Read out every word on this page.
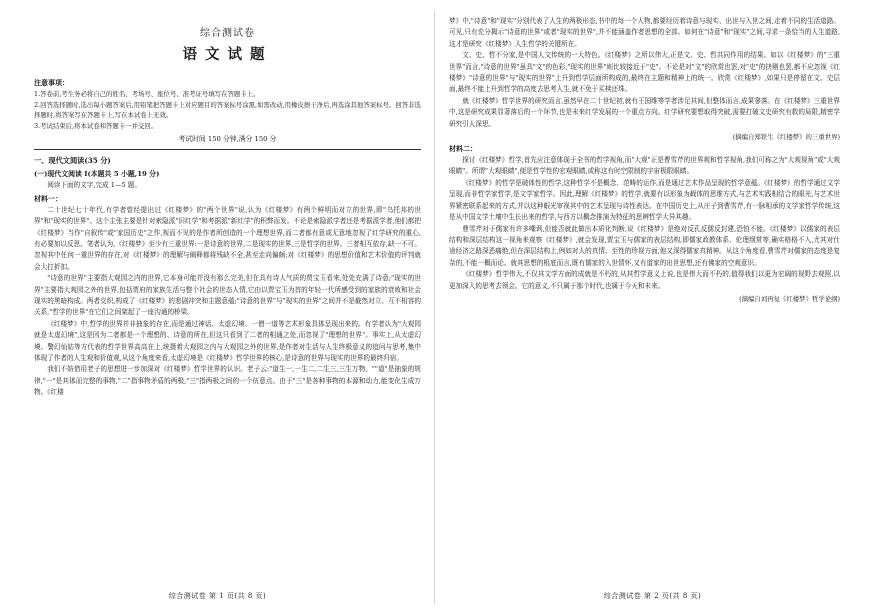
综合测试卷
语文试题
注意事项：

1.答卷前,考生务必将自己的姓名、考场号、座位号、准考证号填写在答题卡上。

2.回答选择题时,选出每小题答案后,用铅笔把答题卡上对应题目的答案标号涂黑,如需改动,用橡皮擦干净后,再选涂其他答案标号。回答非选择题时,将答案写在答题卡上,写在本试卷上无效。

3.考试结束后,将本试卷和答题卡一并交回。

考试时间 150 分钟,满分 150 分
一、现代文阅读(35 分)
(一)现代文阅读 I(本题共 5 小题,19 分)

阅读下面的文字,完成 1—5 题。

材料一：

二十世纪七十年代,有学者曾经提出过《红楼梦》的"两个世界"说,认为《红楼梦》有两个鲜明而对立的世界,即"乌托邦的世界"和"现实的世界"。这个主张主要是针对索隐派"旧红学"和考据派"新红学"的积弊而发。不论是索隐派学者还是考据派学者,他们都把《红楼梦》当作"自叙传"或"家国历史"之作,视而不见的是作者所创造的一个理想世界,而二者都有意或无意地忽视了红学研究的重心,有必要加以反思。笔者认为,《红楼梦》至少有三重世界:一是诗意的世界,二是现实的世界,三是哲学的世界。三者相互依存,缺一不可。忽视其中任何一重世界的存在,对《红楼梦》的理解与阐释都将残缺不全,甚至走向偏颇;对《红楼梦》的思想价值和艺术价值的评判就会大打折扣。

"诗意的世界"主要指大观园之内的世界,它本身可能并没有那么完美,但在具有诗人气质的贾宝玉看来,处处充满了诗意;"现实的世界"主要指大观园之外的世界,包括贾府的家族生活与整个社会的世态人情,它由以贾宝玉为首的年轻一代所感受到的家族的衰败和社会现实的黑暗构成。两者交织,构成了《红楼梦》的悲剧冲突和主题意蕴;"诗意的世界"与"现实的世界"之间并不是截然对立、互不相容的关系,"哲学的世界"在它们之间架起了一座沟通的桥梁。

《红楼梦》中,哲学的世界并非抽象的存在,而是通过神话、太虚幻境、一僧一道等艺术形象具体呈现出来的。有学者认为"大观园就是太虚幻境",这是因为二者都是一个理想的、诗意的所在,但这只看到了二者的相通之处,而忽视了"理想的世界"。事实上,从太虚幻境、警幻仙姑等方代表的哲学世界高高在上,统摄着大观园之内与大观园之外的世界,是作者对生活与人生终极意义的追问与思考,集中体现了作者的人生观和价值观,从这个角度来看,太虚幻境是《红楼梦》哲学世界的核心,是诗意的世界与现实的世界的最终归宿。

我们不妨借用老子的思想进一步加深对《红楼梦》哲学世界的认识。老子云:"道生一,一生二,二生三,三生万物。""道"是抽象的规律,"一"是其体而完整的事物,"二"指事物矛盾的两极,"三"指两极之间的一个伍意点。由于"三"是各种事物的本源和动力,能变化生成万物。《红楼

综合测试卷 第 1 页(共 8 页)

梦》中,"诗意"和"现实"分别代表了人生的两极形态,书中的每一个人物,都要经历着诗意与现实、出世与入世之间,走着不同的生活道路。可见,只有充分揭示"诗意的世界"或者"现实的世界",并不能涵盖作者思想的全部。如何在"诗意"和"现实"之间,寻求一条恰当的人生道路,这才是研究《红楼梦》人生哲学的关键所在。

文、史、哲不分家,是中国人文传统的一大特色。《红楼梦》之所以伟大,正是文、史、哲共同作用的结果。如以《红楼梦》的"三重世界"而言,"诗意的世界"虽具"文"的色彩,"现实的世界"则比较接近于"史"。不论是对"文"的欣赏也罢,对"史"的抉剔也罢,都不应忽视《红楼梦》"诗意的世界"与"现实的世界"上升到哲学层面所构成的,最终在主题和精神上的统一。欣赏《红楼梦》,如果只是停留在文、史层面,最终不能上升到哲学的高度去思考人生,就不免于买椟还珠。

就《红楼梦》哲学世界的研究而言,虽然早在二十世纪初,就有王国维等学者涉足其间,但整体而言,成果寥落。在《红楼梦》三重世界中,这是研究成果显著落后的一个环节,也是未来红学发展的一个重点方向。红学研究要想取得突破,需要打破文史研究有救的局限,精密学研究引人深思。

(摘编自郑铁生《红楼梦》的三重世界)
材料二：

探讨《红楼梦》哲学,首先应注意体现于全书的哲学视角,而"大观"正是曹雪芹的世界观和哲学视角,我们可称之为"大观视角"或"大观眼睛"。所谓"大观眼睛",便是哲学性的宏观眼睛,或称这有时空限制的宇宙极限眼睛。

《红楼梦》的哲学是破体性的哲学,这种哲学不是概念、范畴的运作,而是通过艺术作品呈现的哲学意蕴。《红楼梦》的哲学通过文学呈现,而非哲学家哲学,是文学家哲学。因此,理解《红楼梦》的哲学,就要有以形象为载体的思维方式,与艺术实践相结合的眼光,与艺术世界紧密联系起来的方式,并以这种眼光审视其中的艺术呈现与诗性表达。在中国历史上,从庄子到曹雪芹,有一脉相承的文学家哲学传统,这是从中国文学土壤中生长出来的哲学,与西方以概念推演为特征的思辨哲学大异其趣。

曹雪芹对于儒家有许多嘲讽,但能否就此做出本质化判断,说《红楼梦》是绝对反孔反儒反封建,恐怕不能。《红楼梦》以儒家的表层结构和深层结构这一视角来观察《红楼梦》,就会发现,贾宝玉与儒家的表层结构,即儒家政教体系、伦理纲常等,确实格格不入,尤其对仕途经济之路深恶痛绝,但在深层结构上,例如对人的真情、至性的珍视方面,他又深得儒家真精神。从这个角度看,曹雪芹对儒家的态度是复杂的,不能一概而论。就其思想的根底而言,既有儒家的入世情怀,又有道家的出世思想,还有佛家的空观意识。

《红楼梦》哲学伟大,不仅其文学方面的成就是不朽的,从其哲学意义上说,也是伟大而不朽的,值得我们以更为宏阔的视野去观照,以更加深入的思考去领会。它的意义,不只属于那个时代,也属于今天和未来。

(摘编自刘再复《红楼梦》哲学论纲)
综合测试卷 第 2 页(共 8 页)
